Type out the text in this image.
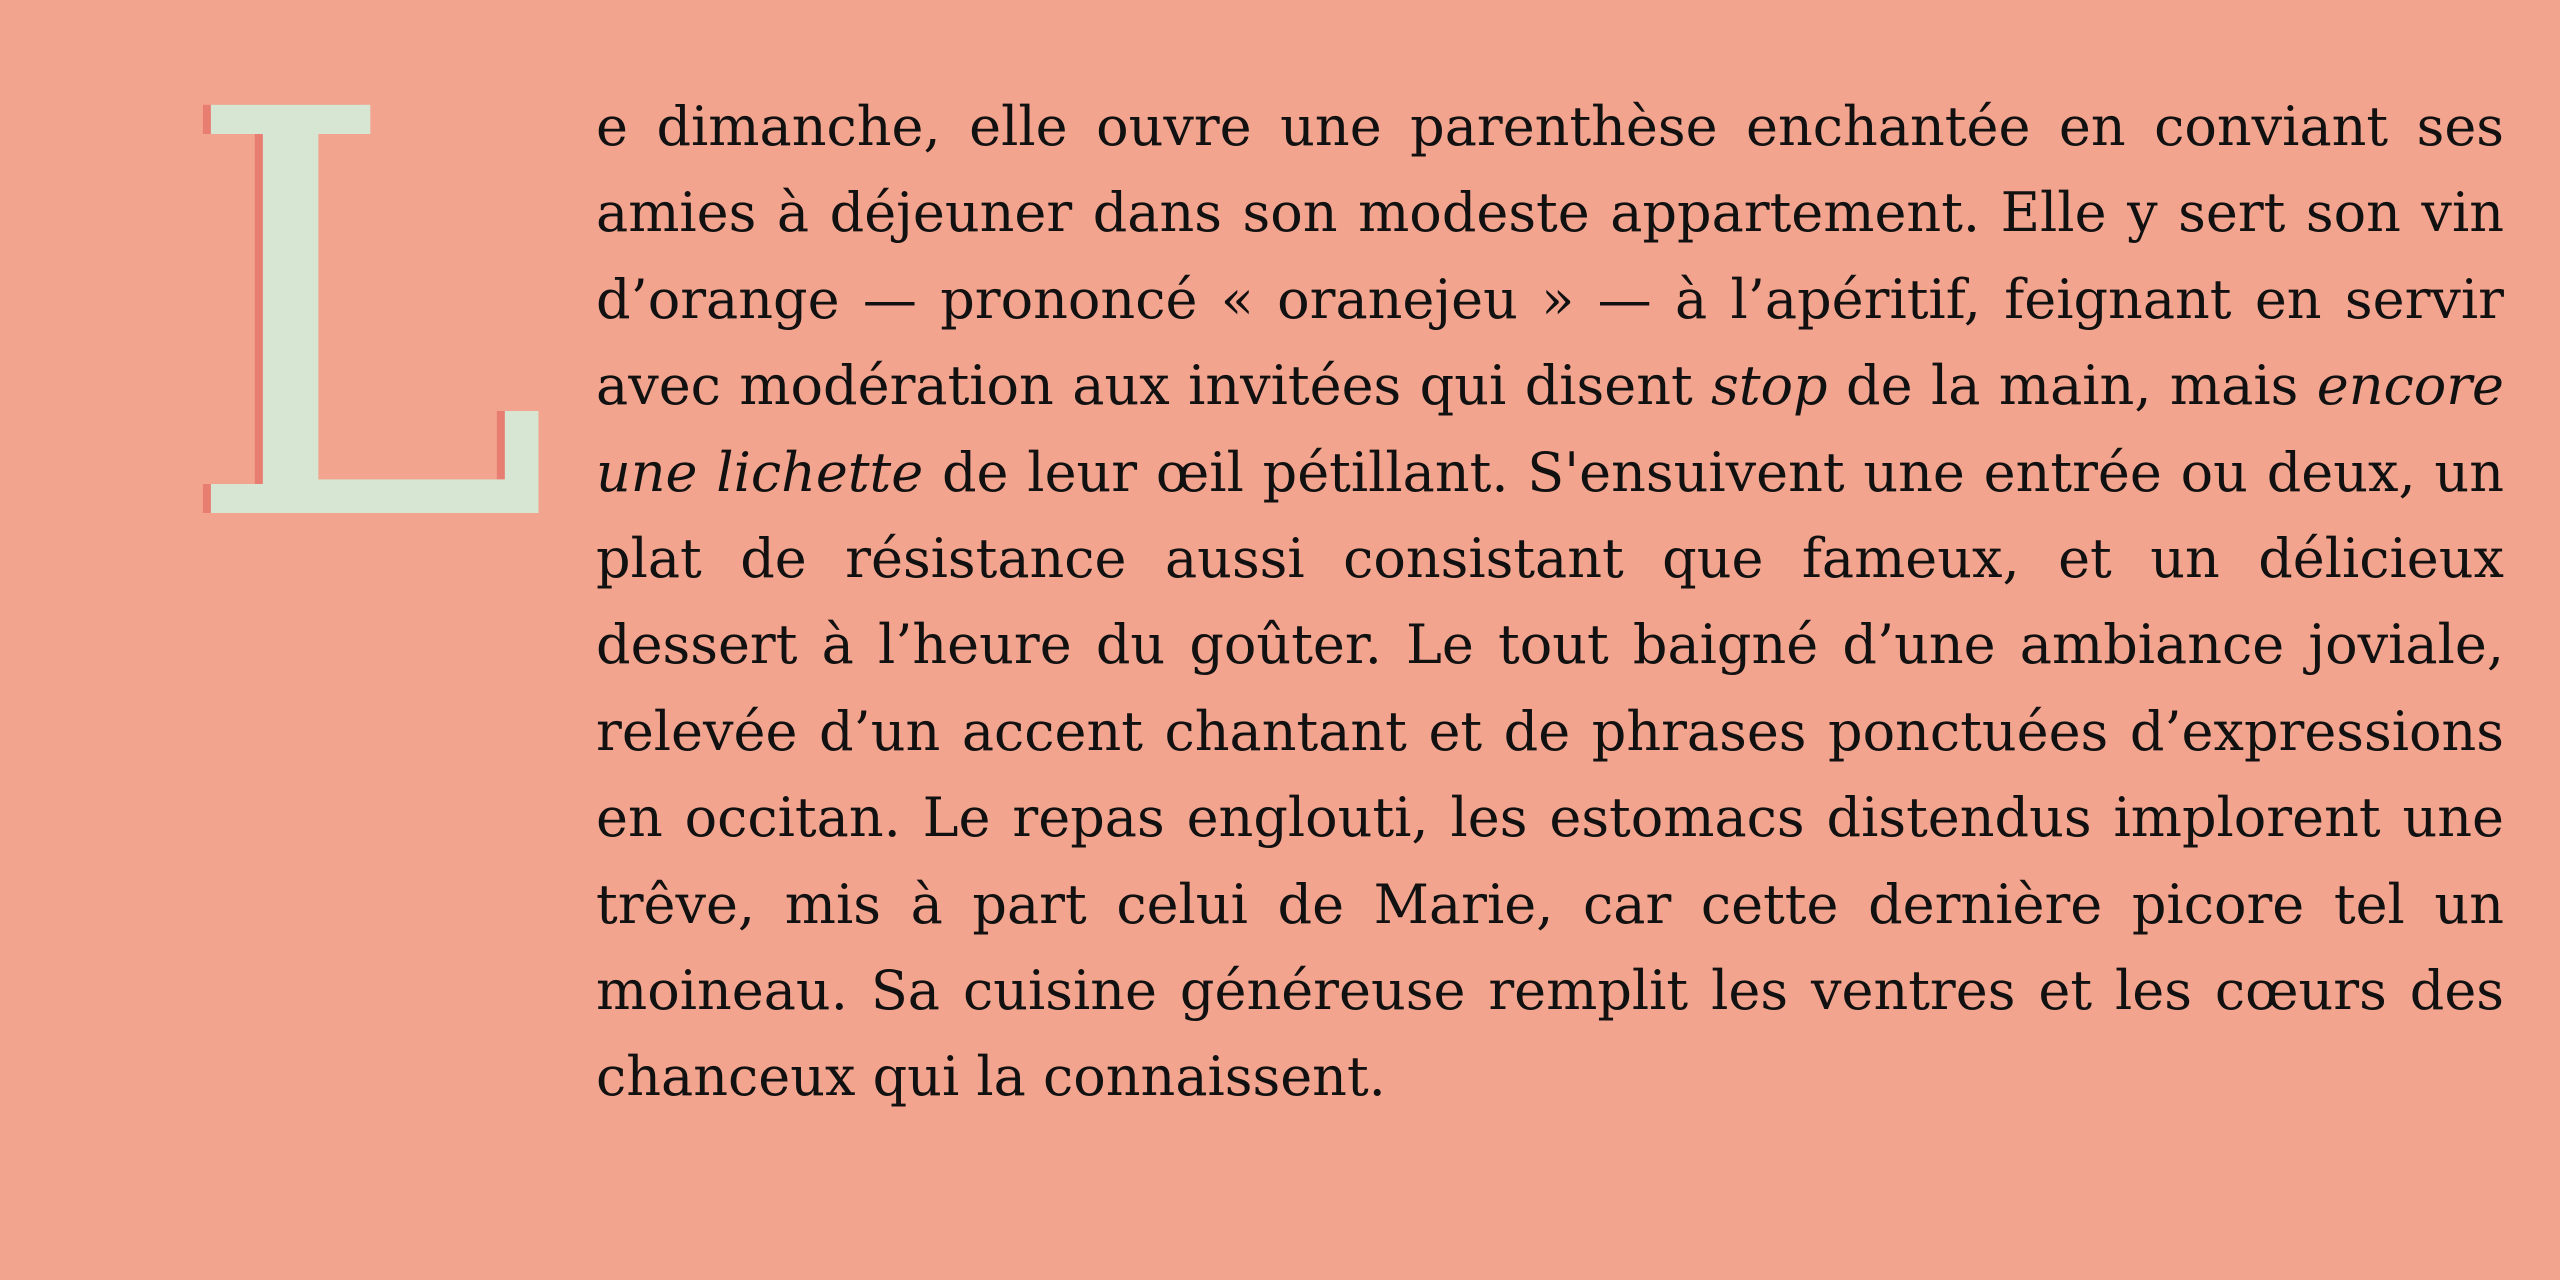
L e dimanche, elle ouvre une parenthèse enchantée en conviant ses amies à déjeuner dans son modeste appartement. Elle y sert son vin d’orange — prononcé « oranejeu » — à l’apéritif, feignant en servir avec modération aux invitées qui disent stop de la main, mais encore une lichette de leur œil pétillant. S'ensuivent une entrée ou deux, un plat de résistance aussi consistant que fameux, et un délicieux dessert à l’heure du goûter. Le tout baigné d’une ambiance joviale, relevée d’un accent chantant et de phrases ponctuées d’expressions en occitan. Le repas englouti, les estomacs distendus implorent une trêve, mis à part celui de Marie, car cette dernière picore tel un moineau. Sa cuisine généreuse remplit les ventres et les cœurs des chanceux qui la connaissent.
